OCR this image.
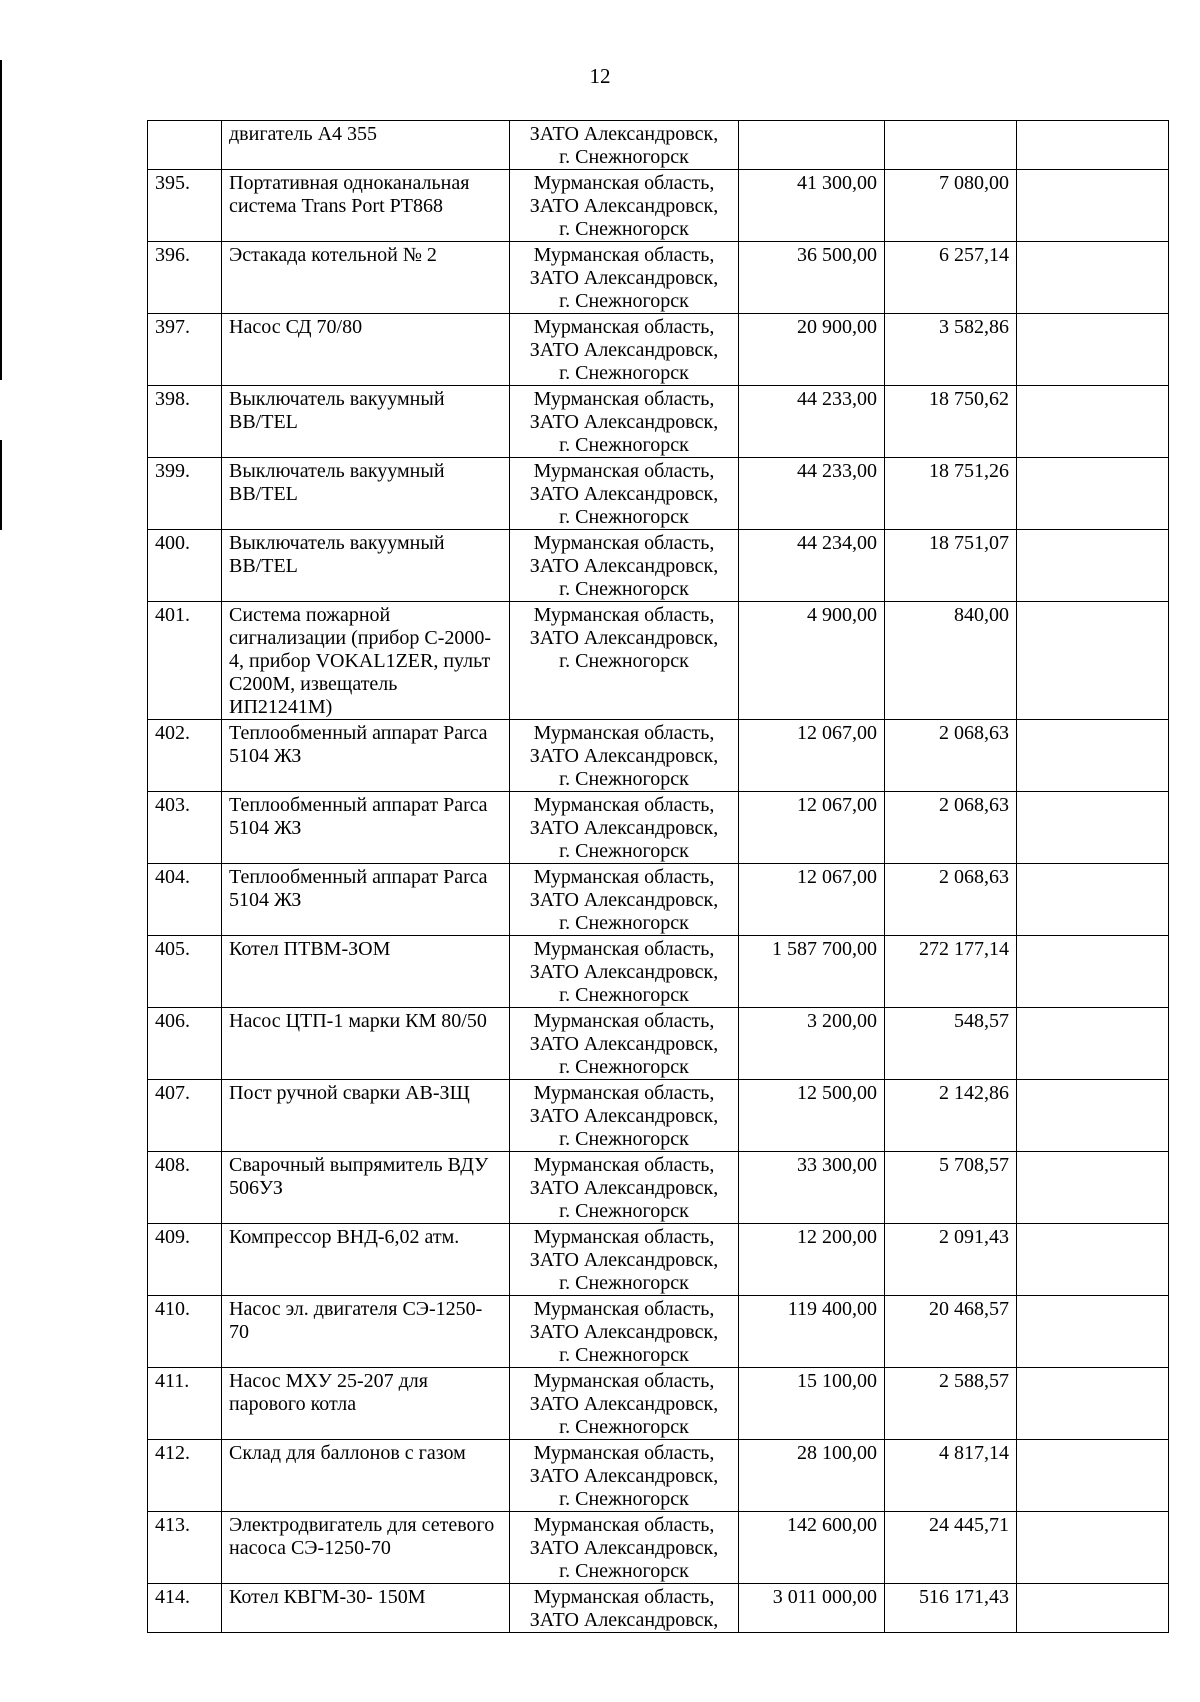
12
	двигатель А4 355	ЗАТО Александровск,
г. Снежногорск			

395.	Портативная одноканальная система Trans Port PT868	Мурманская область,
ЗАТО Александровск,
г. Снежногорск	41 300,00	7 080,00	
396.	Эстакада котельной № 2	Мурманская область,
ЗАТО Александровск,
г. Снежногорск	36 500,00	6 257,14	
397.	Насос СД 70/80	Мурманская область,
ЗАТО Александровск,
г. Снежногорск	20 900,00	3 582,86	
398.	Выключатель вакуумный BB/TEL	Мурманская область,
ЗАТО Александровск,
г. Снежногорск	44 233,00	18 750,62	
399.	Выключатель вакуумный BB/TEL	Мурманская область,
ЗАТО Александровск,
г. Снежногорск	44 233,00	18 751,26	
400.	Выключатель вакуумный BB/TEL	Мурманская область,
ЗАТО Александровск,
г. Снежногорск	44 234,00	18 751,07	
401.	Система пожарной сигнализации (прибор С-2000-4, прибор VOKAL1ZER, пульт С200М, извещатель ИП21241М)	Мурманская область,
ЗАТО Александровск,
г. Снежногорск	4 900,00	840,00	
402.	Теплообменный аппарат Parca 5104 ЖЗ	Мурманская область,
ЗАТО Александровск,
г. Снежногорск	12 067,00	2 068,63	
403.	Теплообменный аппарат Parca 5104 ЖЗ	Мурманская область,
ЗАТО Александровск,
г. Снежногорск	12 067,00	2 068,63	
404.	Теплообменный аппарат Parca 5104 ЖЗ	Мурманская область,
ЗАТО Александровск,
г. Снежногорск	12 067,00	2 068,63	
405.	Котел ПТВМ-ЗОМ	Мурманская область,
ЗАТО Александровск,
г. Снежногорск	1 587 700,00	272 177,14	
406.	Насос ЦТП-1 марки КМ 80/50	Мурманская область,
ЗАТО Александровск,
г. Снежногорск	3 200,00	548,57	
407.	Пост ручной сварки АВ-ЗЩ	Мурманская область,
ЗАТО Александровск,
г. Снежногорск	12 500,00	2 142,86	
408.	Сварочный выпрямитель ВДУ 506УЗ	Мурманская область,
ЗАТО Александровск,
г. Снежногорск	33 300,00	5 708,57	
409.	Компрессор ВНД-6,02 атм.	Мурманская область,
ЗАТО Александровск,
г. Снежногорск	12 200,00	2 091,43	
410.	Насос эл. двигателя СЭ-1250-70	Мурманская область,
ЗАТО Александровск,
г. Снежногорск	119 400,00	20 468,57	
411.	Насос МХУ 25-207 для парового котла	Мурманская область,
ЗАТО Александровск,
г. Снежногорск	15 100,00	2 588,57	
412.	Склад для баллонов с газом	Мурманская область,
ЗАТО Александровск,
г. Снежногорск	28 100,00	4 817,14	
413.	Электродвигатель для сетевого насоса СЭ-1250-70	Мурманская область,
ЗАТО Александровск,
г. Снежногорск	142 600,00	24 445,71	
414.	Котел КВГМ-30- 150М	Мурманская область,
ЗАТО Александровск,	3 011 000,00	516 171,43	
